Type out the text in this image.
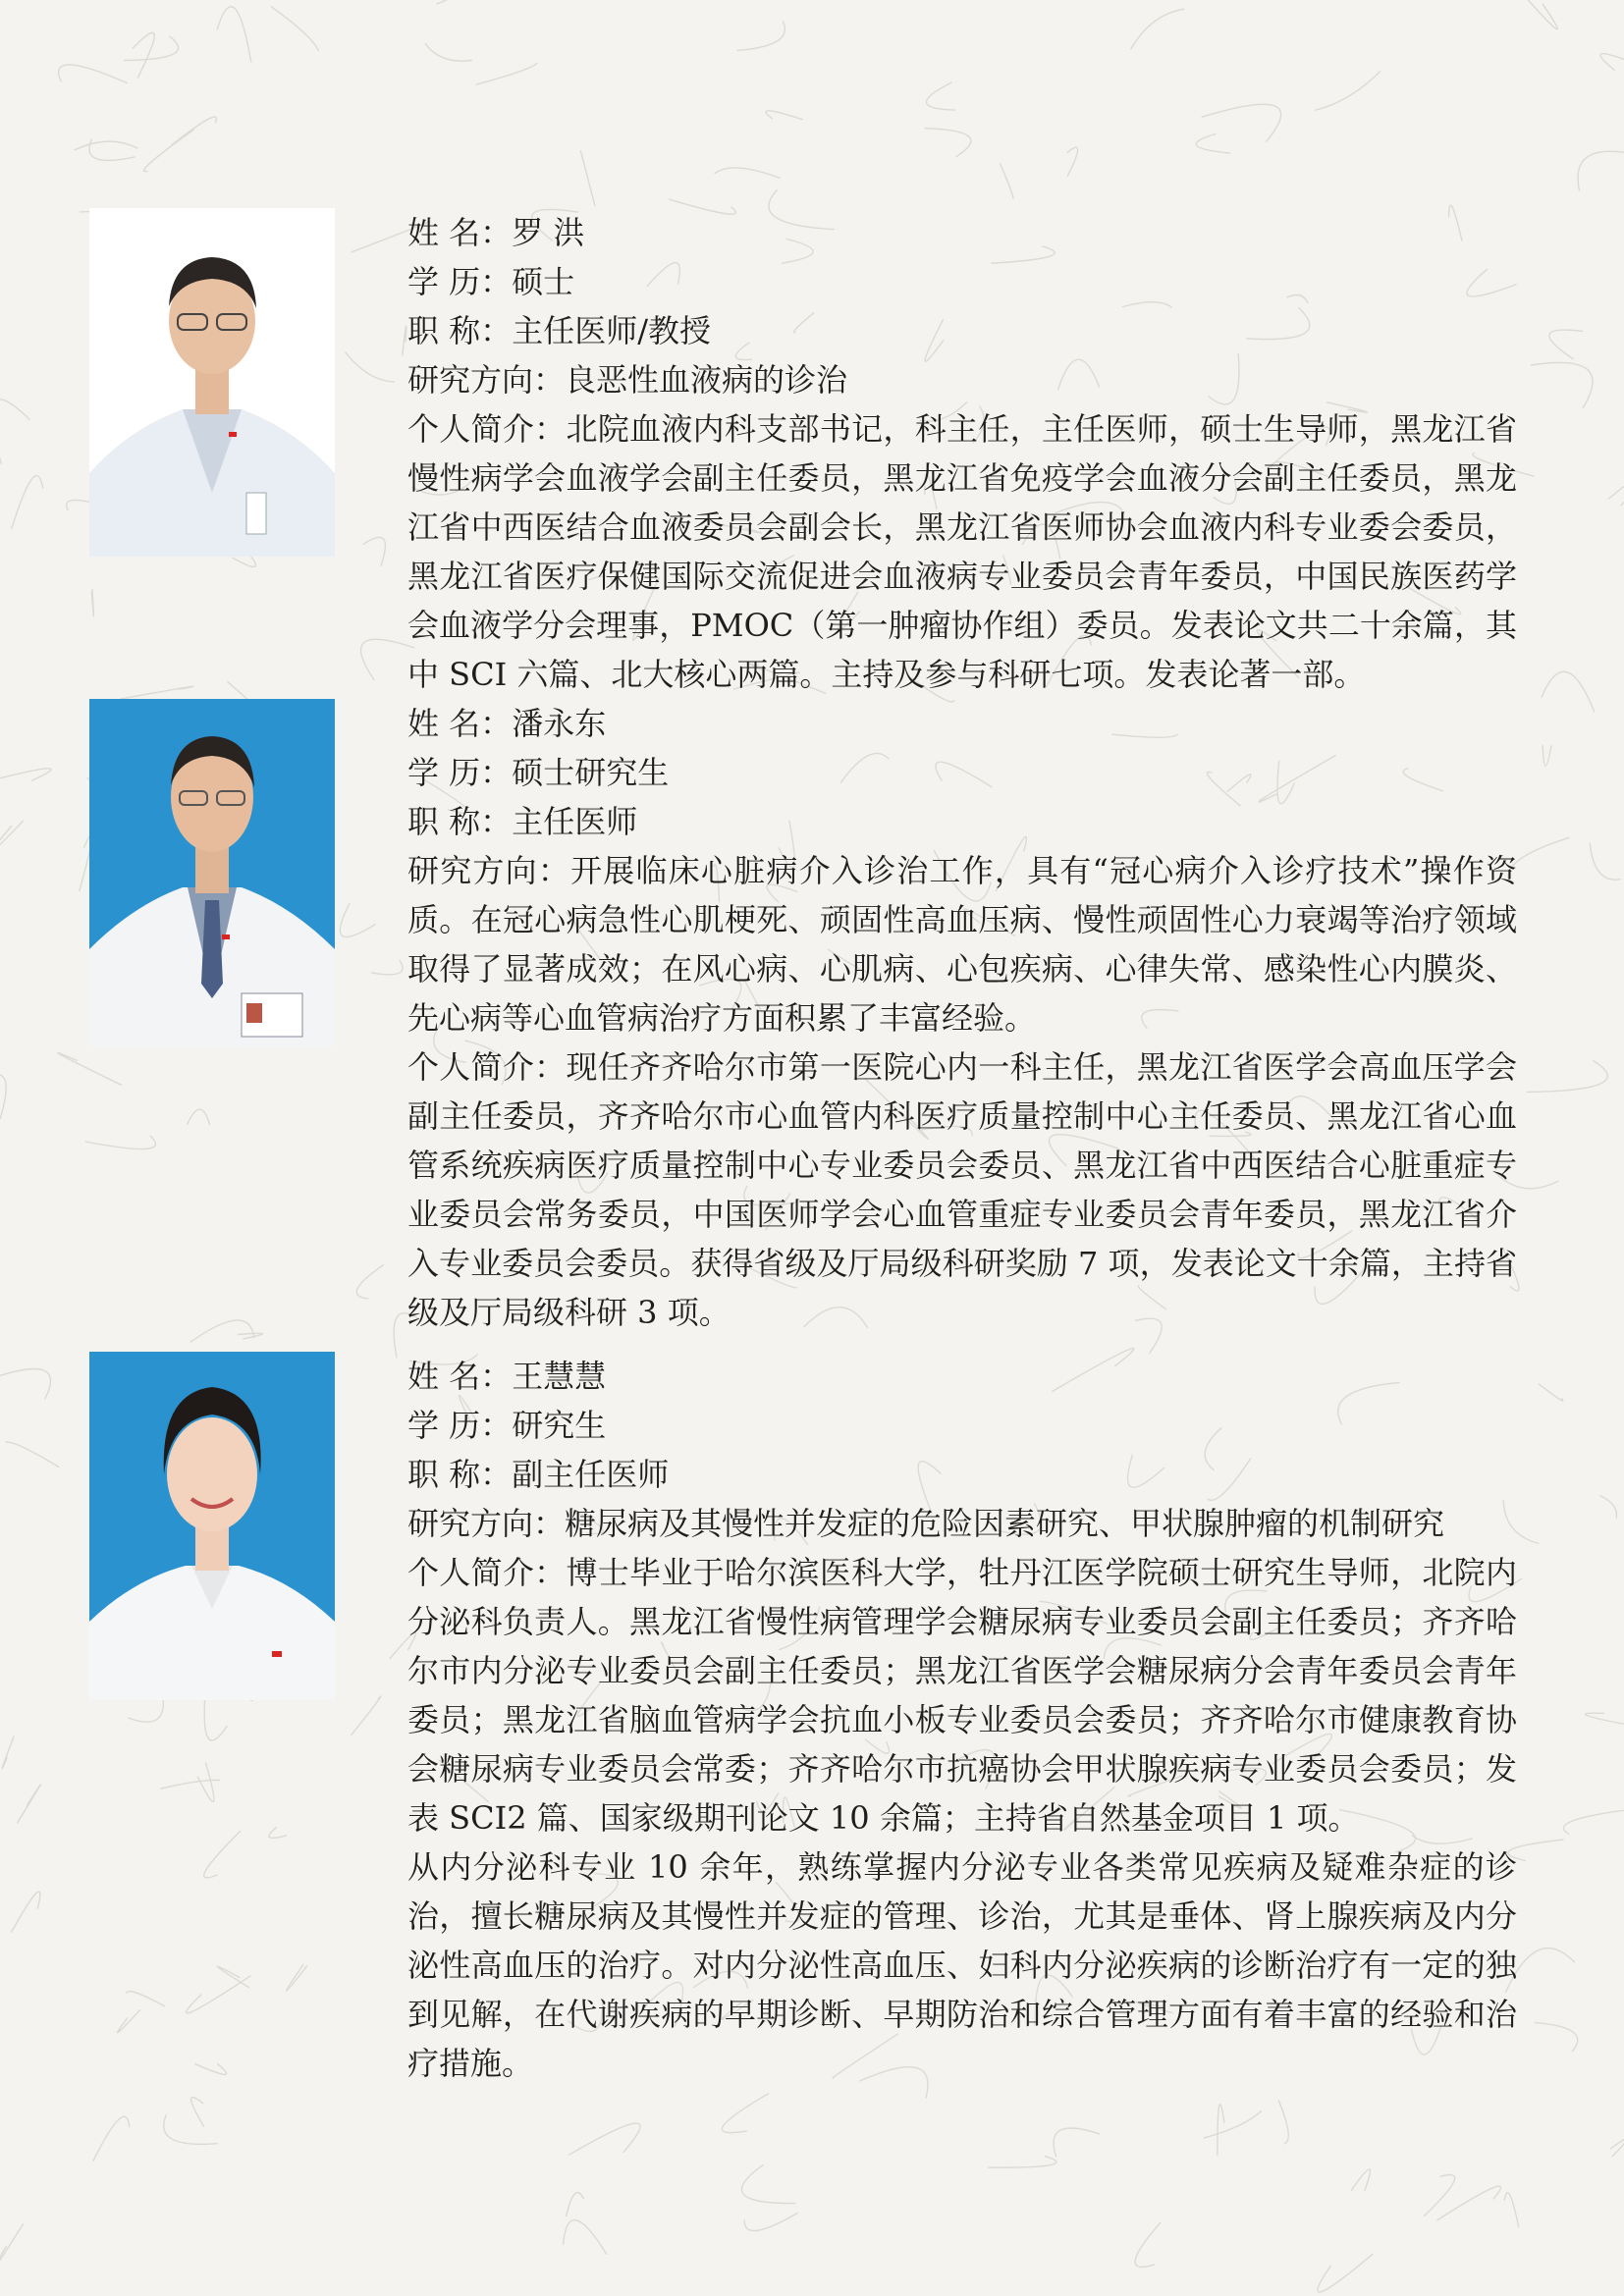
姓 名：罗 洪
学 历：硕士
职 称：主任医师/教授
研究方向：良恶性血液病的诊治

个人简介：北院血液内科支部书记，科主任，主任医师，硕士生导师，黑龙江省慢性病学会血液学会副主任委员，黑龙江省免疫学会血液分会副主任委员，黑龙江省中西医结合血液委员会副会长，黑龙江省医师协会血液内科专业委会委员，黑龙江省医疗保健国际交流促进会血液病专业委员会青年委员，中国民族医药学会血液学分会理事，PMOC（第一肿瘤协作组）委员。发表论文共二十余篇，其中 SCI 六篇、北大核心两篇。主持及参与科研七项。发表论著一部。

姓 名：潘永东
学 历：硕士研究生
职 称：主任医师

研究方向：开展临床心脏病介入诊治工作，具有“冠心病介入诊疗技术”操作资质。在冠心病急性心肌梗死、顽固性高血压病、慢性顽固性心力衰竭等治疗领域取得了显著成效；在风心病、心肌病、心包疾病、心律失常、感染性心内膜炎、先心病等心血管病治疗方面积累了丰富经验。

个人简介：现任齐齐哈尔市第一医院心内一科主任，黑龙江省医学会高血压学会副主任委员，齐齐哈尔市心血管内科医疗质量控制中心主任委员、黑龙江省心血管系统疾病医疗质量控制中心专业委员会委员、黑龙江省中西医结合心脏重症专业委员会常务委员，中国医师学会心血管重症专业委员会青年委员，黑龙江省介入专业委员会委员。获得省级及厅局级科研奖励 7 项，发表论文十余篇，主持省级及厅局级科研 3 项。

姓 名：王慧慧
学 历：研究生
职 称：副主任医师
研究方向：糖尿病及其慢性并发症的危险因素研究、甲状腺肿瘤的机制研究

个人简介：博士毕业于哈尔滨医科大学，牡丹江医学院硕士研究生导师，北院内分泌科负责人。黑龙江省慢性病管理学会糖尿病专业委员会副主任委员；齐齐哈尔市内分泌专业委员会副主任委员；黑龙江省医学会糖尿病分会青年委员会青年委员；黑龙江省脑血管病学会抗血小板专业委员会委员；齐齐哈尔市健康教育协会糖尿病专业委员会常委；齐齐哈尔市抗癌协会甲状腺疾病专业委员会委员；发表 SCI2 篇、国家级期刊论文 10 余篇；主持省自然基金项目 1 项。

从内分泌科专业 10 余年，熟练掌握内分泌专业各类常见疾病及疑难杂症的诊治，擅长糖尿病及其慢性并发症的管理、诊治，尤其是垂体、肾上腺疾病及内分泌性高血压的治疗。对内分泌性高血压、妇科内分泌疾病的诊断治疗有一定的独到见解，在代谢疾病的早期诊断、早期防治和综合管理方面有着丰富的经验和治疗措施。
